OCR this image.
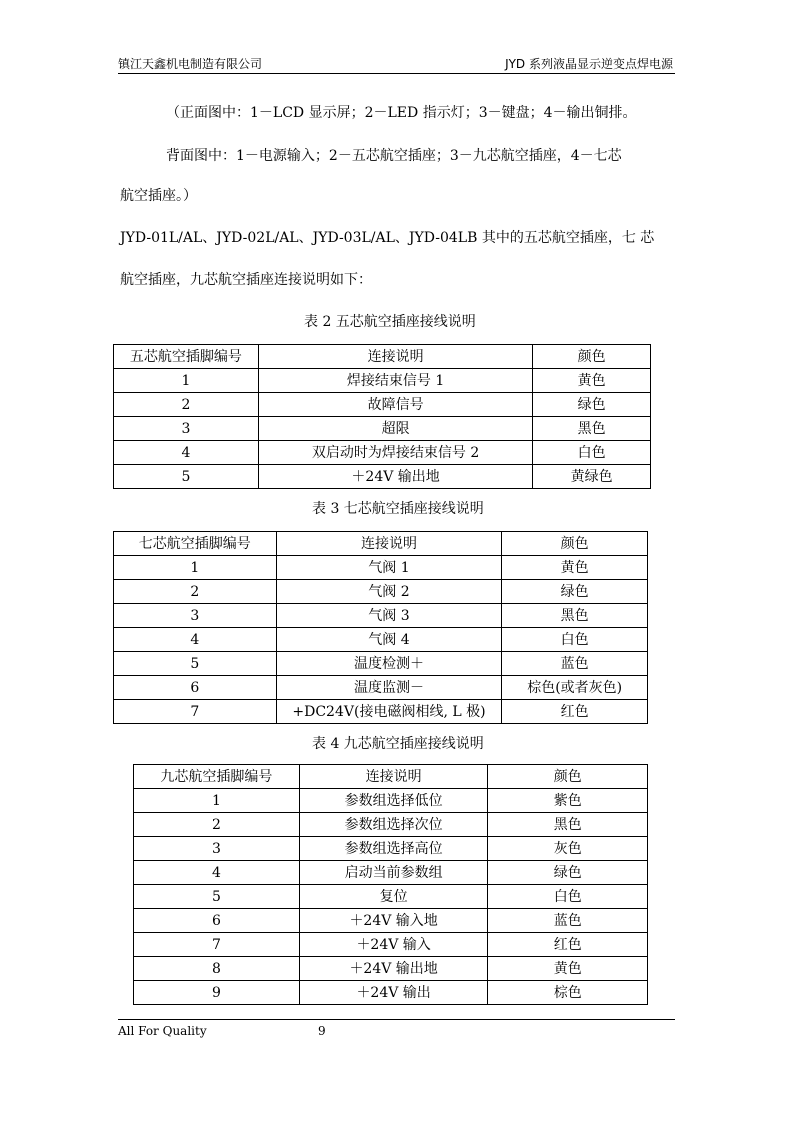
镇江天鑫机电制造有限公司	JYD 系列液晶显示逆变点焊电源
（正面图中：1－LCD 显示屏；2－LED 指示灯；3－键盘；4－输出铜排。
背面图中：1－电源输入；2－五芯航空插座；3－九芯航空插座，4－七芯
航空插座。）
JYD-01L/AL、JYD-02L/AL、JYD-03L/AL、JYD-04LB 其中的五芯航空插座，七 芯
航空插座，九芯航空插座连接说明如下：
表 2 五芯航空插座接线说明
五芯航空插脚编号	连接说明	颜色
1	焊接结束信号 1	黄色
2	故障信号	绿色
3	超限	黑色
4	双启动时为焊接结束信号 2	白色
5	＋24V 输出地	黄绿色
表 3 七芯航空插座接线说明
七芯航空插脚编号	连接说明	颜色
1	气阀 1	黄色
2	气阀 2	绿色
3	气阀 3	黑色
4	气阀 4	白色
5	温度检测＋	蓝色
6	温度监测－	棕色(或者灰色)
7	+DC24V(接电磁阀相线, L 极)	红色
表 4 九芯航空插座接线说明
九芯航空插脚编号	连接说明	颜色
1	参数组选择低位	紫色
2	参数组选择次位	黑色
3	参数组选择高位	灰色
4	启动当前参数组	绿色
5	复位	白色
6	＋24V 输入地	蓝色
7	＋24V 输入	红色
8	＋24V 输出地	黄色
9	＋24V 输出	棕色
All For Quality	9
